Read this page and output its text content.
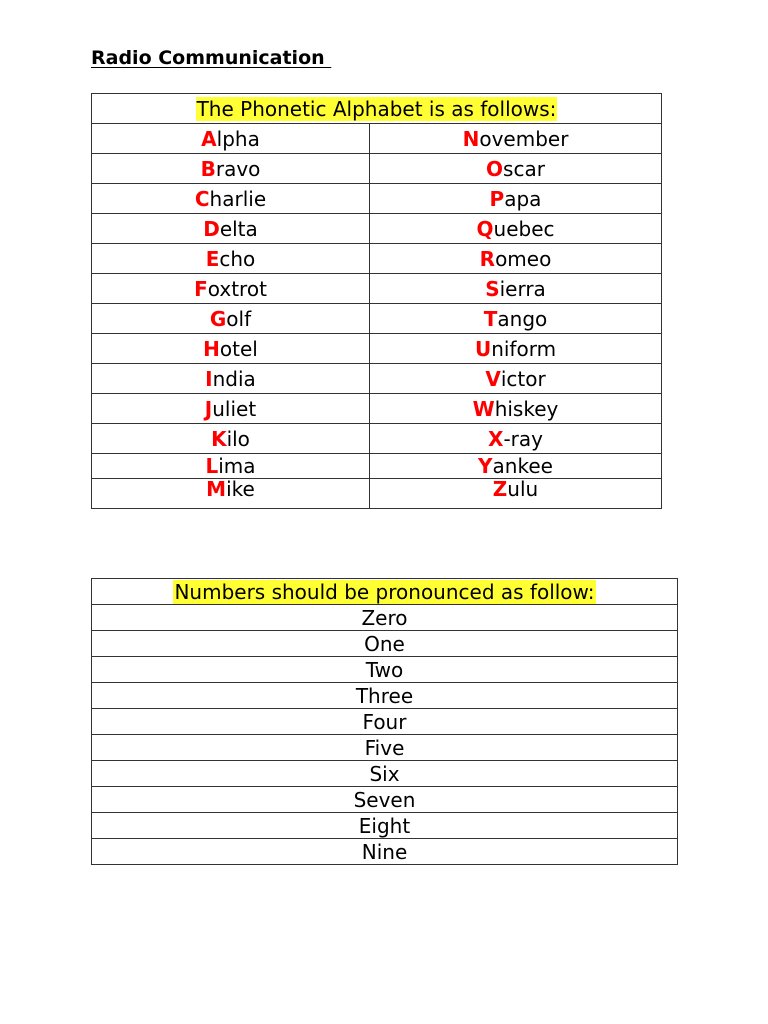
Radio Communication
The Phonetic Alphabet is as follows:	
Alpha	November
Bravo	Oscar
Charlie	Papa
Delta	Quebec
Echo	Romeo
Foxtrot	Sierra
Golf	Tango
Hotel	Uniform
India	Victor
Juliet	Whiskey
Kilo	X-ray
Lima	Yankee
Mike	Zulu
Numbers should be pronounced as follow:
Zero
One
Two
Three
Four
Five
Six
Seven
Eight
Nine
